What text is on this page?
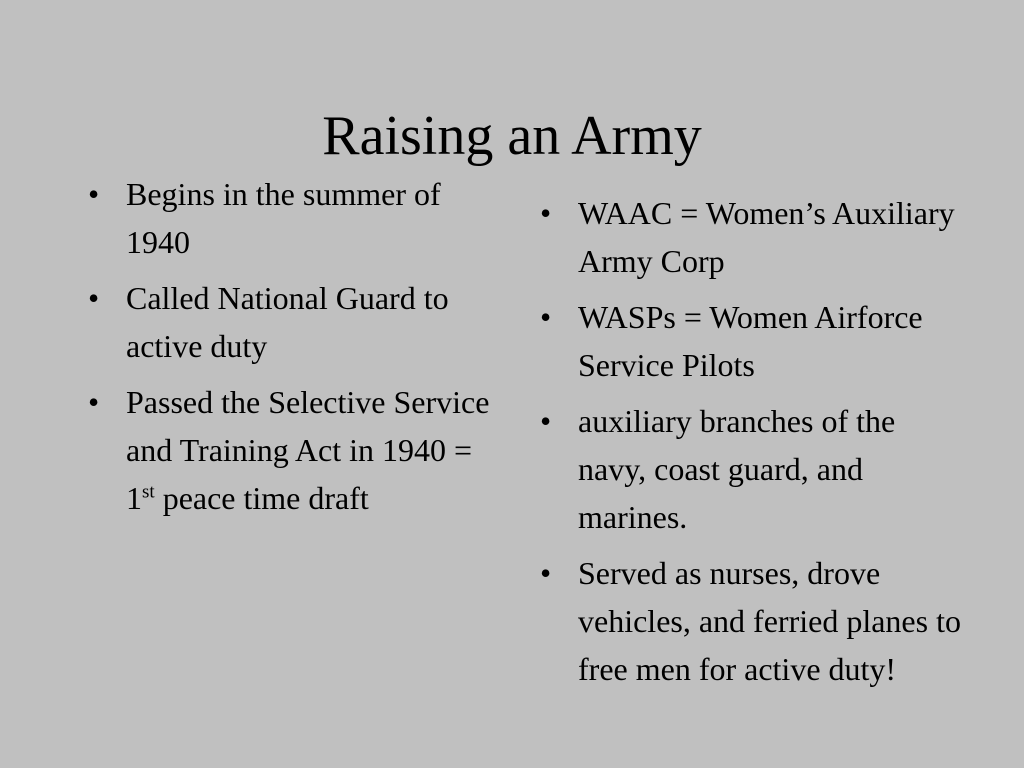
Raising an Army
• Begins in the summer of 1940
• Called National Guard to active duty
• Passed the Selective Service and Training Act in 1940 = 1st peace time draft
• WAAC = Women’s Auxiliary Army Corp
• WASPs = Women Airforce Service Pilots
• auxiliary branches of the navy, coast guard, and marines.
• Served as nurses, drove vehicles, and ferried planes to free men for active duty!
